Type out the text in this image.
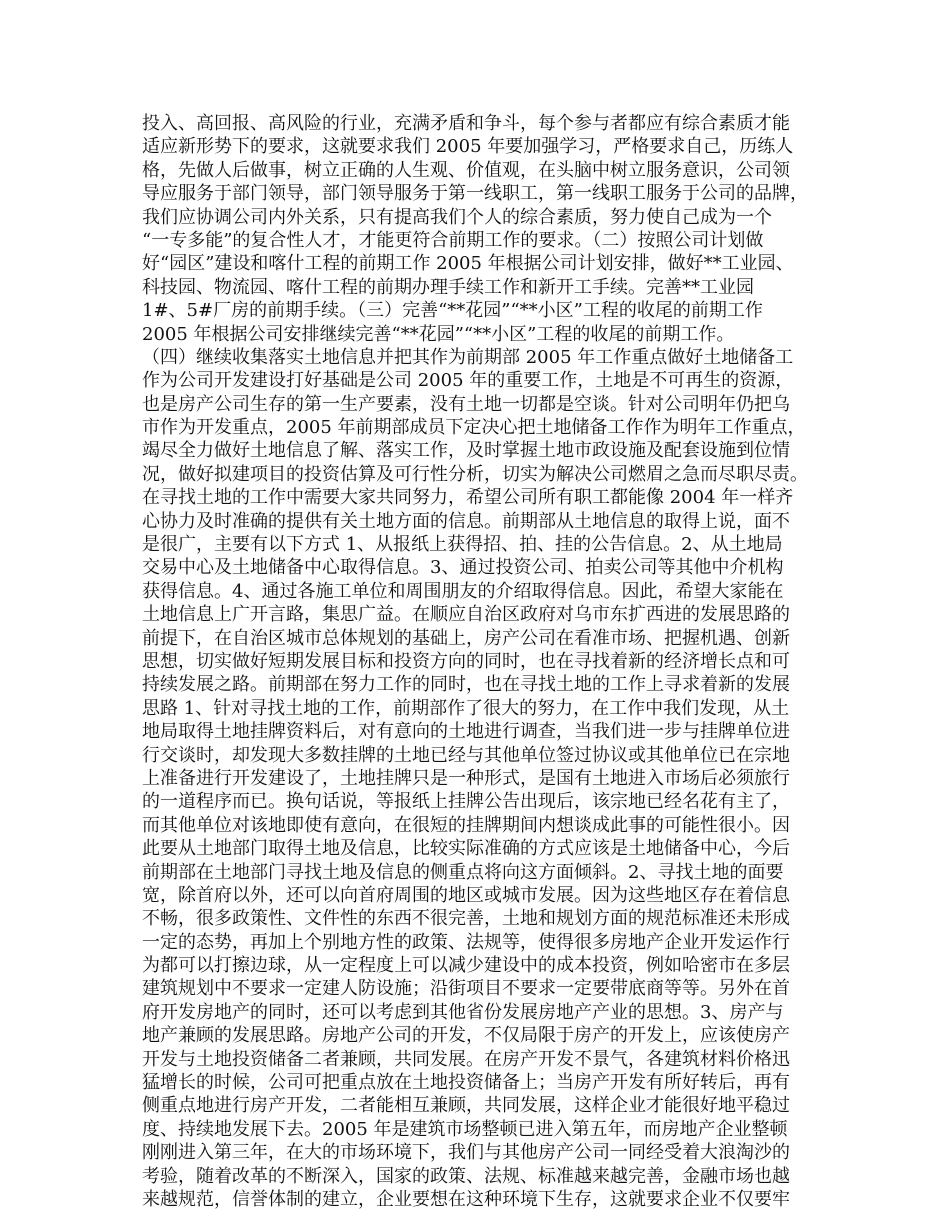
投入、高回报、高风险的行业，充满矛盾和争斗，每个参与者都应有综合素质才能
适应新形势下的要求，这就要求我们 2005 年要加强学习，严格要求自己，历练人
格，先做人后做事，树立正确的人生观、价值观，在头脑中树立服务意识，公司领
导应服务于部门领导，部门领导服务于第一线职工，第一线职工服务于公司的品牌，
我们应协调公司内外关系，只有提高我们个人的综合素质，努力使自己成为一个
“一专多能”的复合性人才，才能更符合前期工作的要求。（二）按照公司计划做
好“园区”建设和喀什工程的前期工作 2005 年根据公司计划安排，做好**工业园、
科技园、物流园、喀什工程的前期办理手续工作和新开工手续。完善**工业园
1#、5#厂房的前期手续。（三）完善“**花园”“**小区”工程的收尾的前期工作
2005 年根据公司安排继续完善“**花园”“**小区”工程的收尾的前期工作。
（四）继续收集落实土地信息并把其作为前期部 2005 年工作重点做好土地储备工
作为公司开发建设打好基础是公司 2005 年的重要工作，土地是不可再生的资源，
也是房产公司生存的第一生产要素，没有土地一切都是空谈。针对公司明年仍把乌
市作为开发重点，2005 年前期部成员下定决心把土地储备工作作为明年工作重点，
竭尽全力做好土地信息了解、落实工作，及时掌握土地市政设施及配套设施到位情
况，做好拟建项目的投资估算及可行性分析，切实为解决公司燃眉之急而尽职尽责。
在寻找土地的工作中需要大家共同努力，希望公司所有职工都能像 2004 年一样齐
心协力及时准确的提供有关土地方面的信息。前期部从土地信息的取得上说，面不
是很广，主要有以下方式 1、从报纸上获得招、拍、挂的公告信息。2、从土地局
交易中心及土地储备中心取得信息。3、通过投资公司、拍卖公司等其他中介机构
获得信息。4、通过各施工单位和周围朋友的介绍取得信息。因此，希望大家能在
土地信息上广开言路，集思广益。在顺应自治区政府对乌市东扩西进的发展思路的
前提下，在自治区城市总体规划的基础上，房产公司在看准市场、把握机遇、创新
思想，切实做好短期发展目标和投资方向的同时，也在寻找着新的经济增长点和可
持续发展之路。前期部在努力工作的同时，也在寻找土地的工作上寻求着新的发展
思路 1、针对寻找土地的工作，前期部作了很大的努力，在工作中我们发现，从土
地局取得土地挂牌资料后，对有意向的土地进行调查，当我们进一步与挂牌单位进
行交谈时，却发现大多数挂牌的土地已经与其他单位签过协议或其他单位已在宗地
上准备进行开发建设了，土地挂牌只是一种形式，是国有土地进入市场后必须旅行
的一道程序而已。换句话说，等报纸上挂牌公告出现后，该宗地已经名花有主了，
而其他单位对该地即使有意向，在很短的挂牌期间内想谈成此事的可能性很小。因
此要从土地部门取得土地及信息，比较实际准确的方式应该是土地储备中心，今后
前期部在土地部门寻找土地及信息的侧重点将向这方面倾斜。2、寻找土地的面要
宽，除首府以外，还可以向首府周围的地区或城市发展。因为这些地区存在着信息
不畅，很多政策性、文件性的东西不很完善，土地和规划方面的规范标准还未形成
一定的态势，再加上个别地方性的政策、法规等，使得很多房地产企业开发运作行
为都可以打擦边球，从一定程度上可以减少建设中的成本投资，例如哈密市在多层
建筑规划中不要求一定建人防设施；沿街项目不要求一定要带底商等等。另外在首
府开发房地产的同时，还可以考虑到其他省份发展房地产产业的思想。3、房产与
地产兼顾的发展思路。房地产公司的开发，不仅局限于房产的开发上，应该使房产
开发与土地投资储备二者兼顾，共同发展。在房产开发不景气，各建筑材料价格迅
猛增长的时候，公司可把重点放在土地投资储备上；当房产开发有所好转后，再有
侧重点地进行房产开发，二者能相互兼顾，共同发展，这样企业才能很好地平稳过
度、持续地发展下去。2005 年是建筑市场整顿已进入第五年，而房地产企业整顿
刚刚进入第三年，在大的市场环境下，我们与其他房产公司一同经受着大浪淘沙的
考验，随着改革的不断深入，国家的政策、法规、标准越来越完善，金融市场也越
来越规范，信誉体制的建立，企业要想在这种环境下生存，这就要求企业不仅要牢
